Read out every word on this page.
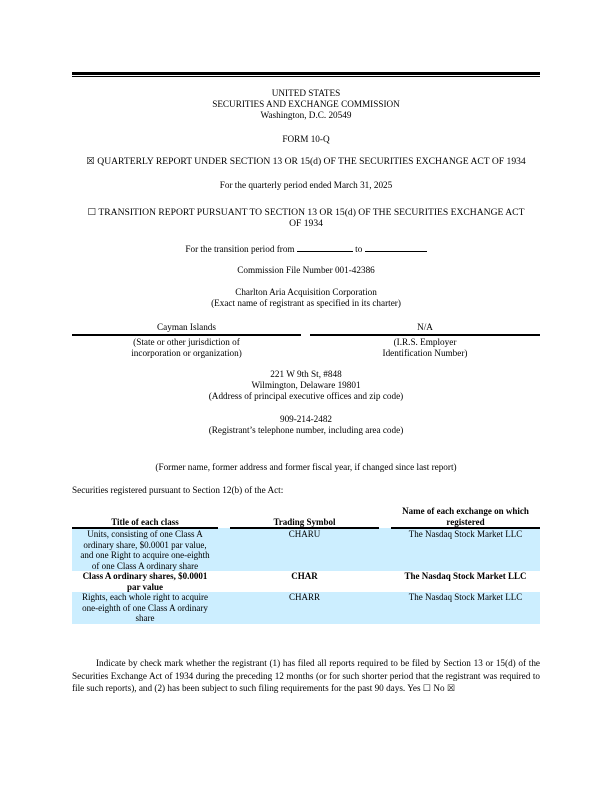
UNITED STATES
SECURITIES AND EXCHANGE COMMISSION
Washington, D.C. 20549
FORM 10-Q
☒ QUARTERLY REPORT UNDER SECTION 13 OR 15(d) OF THE SECURITIES EXCHANGE ACT OF 1934
For the quarterly period ended March 31, 2025
☐ TRANSITION REPORT PURSUANT TO SECTION 13 OR 15(d) OF THE SECURITIES EXCHANGE ACT
OF 1934
For the transition period from	to
Commission File Number 001-42386
Charlton Aria Acquisition Corporation
(Exact name of registrant as specified in its charter)
Cayman Islands	N/A
(State or other jurisdiction of
incorporation or organization)
(I.R.S. Employer
Identification Number)
221 W 9th St, #848
Wilmington, Delaware 19801
(Address of principal executive offices and zip code)
909-214-2482
(Registrant’s telephone number, including area code)
(Former name, former address and former fiscal year, if changed since last report)
Securities registered pursuant to Section 12(b) of the Act:
Title of each class		Trading Symbol		Name of each exchange on which registered
Units, consisting of one Class A ordinary share, $0.0001 par value, and one Right to acquire one-eighth of one Class A ordinary share		CHARU		The Nasdaq Stock Market LLC
Class A ordinary shares, $0.0001 par value		CHAR		The Nasdaq Stock Market LLC
Rights, each whole right to acquire one-eighth of one Class A ordinary share		CHARR		The Nasdaq Stock Market LLC
Indicate by check mark whether the registrant (1) has filed all reports required to be filed by Section 13 or 15(d) of the Securities Exchange Act of 1934 during the preceding 12 months (or for such shorter period that the registrant was required to file such reports), and (2) has been subject to such filing requirements for the past 90 days. Yes ☐ No ☒
